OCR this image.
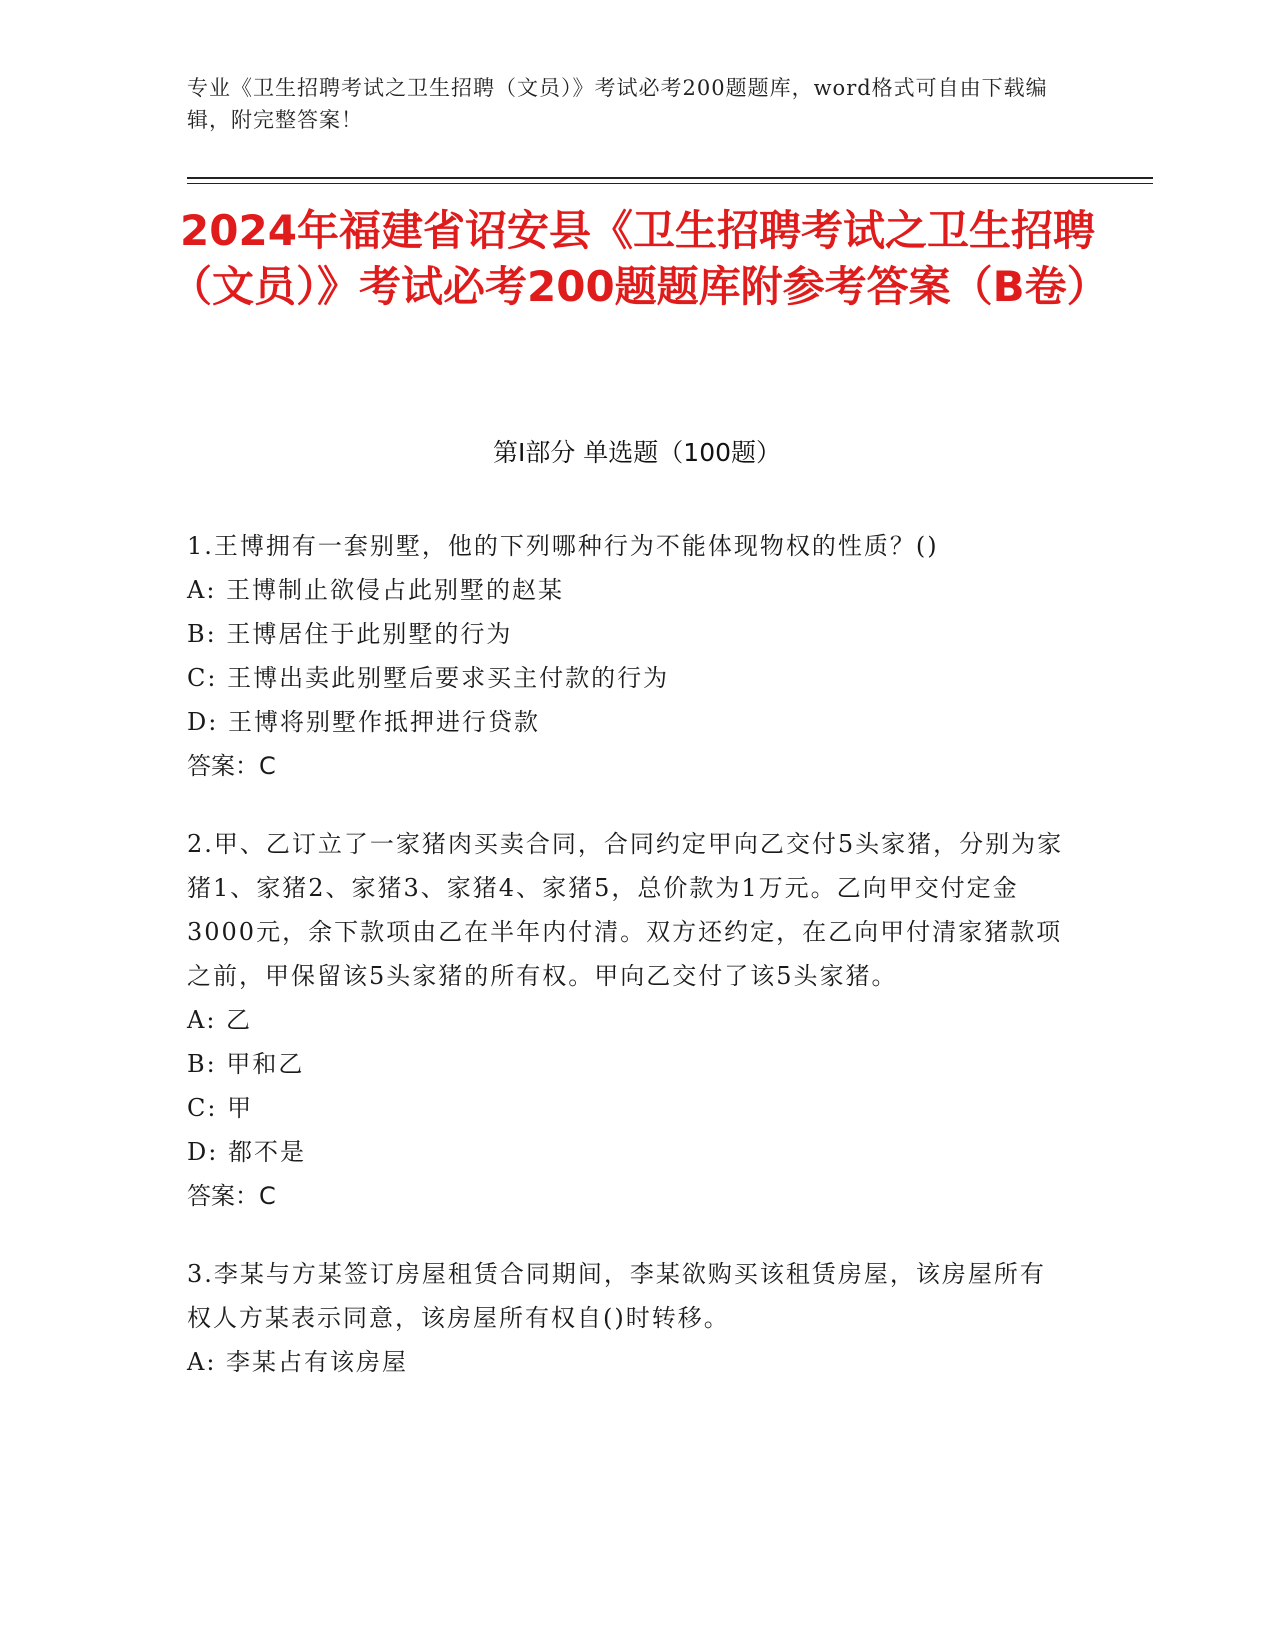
专业《卫生招聘考试之卫生招聘（文员）》考试必考200题题库，word格式可自由下载编辑，附完整答案！
2024年福建省诏安县《卫生招聘考试之卫生招聘（文员）》考试必考200题题库附参考答案（B卷）
第Ⅰ部分 单选题（100题）

1.王博拥有一套别墅，他的下列哪种行为不能体现物权的性质？()

A: 王博制止欲侵占此别墅的赵某

B: 王博居住于此别墅的行为

C: 王博出卖此别墅后要求买主付款的行为

D: 王博将别墅作抵押进行贷款

答案：C

2.甲、乙订立了一家猪肉买卖合同，合同约定甲向乙交付5头家猪，分别为家猪1、家猪2、家猪3、家猪4、家猪5，总价款为1万元。乙向甲交付定金3000元，余下款项由乙在半年内付清。双方还约定，在乙向甲付清家猪款项之前，甲保留该5头家猪的所有权。甲向乙交付了该5头家猪。

A: 乙

B: 甲和乙

C: 甲

D: 都不是

答案：C

3.李某与方某签订房屋租赁合同期间，李某欲购买该租赁房屋，该房屋所有权人方某表示同意，该房屋所有权自()时转移。

A: 李某占有该房屋
